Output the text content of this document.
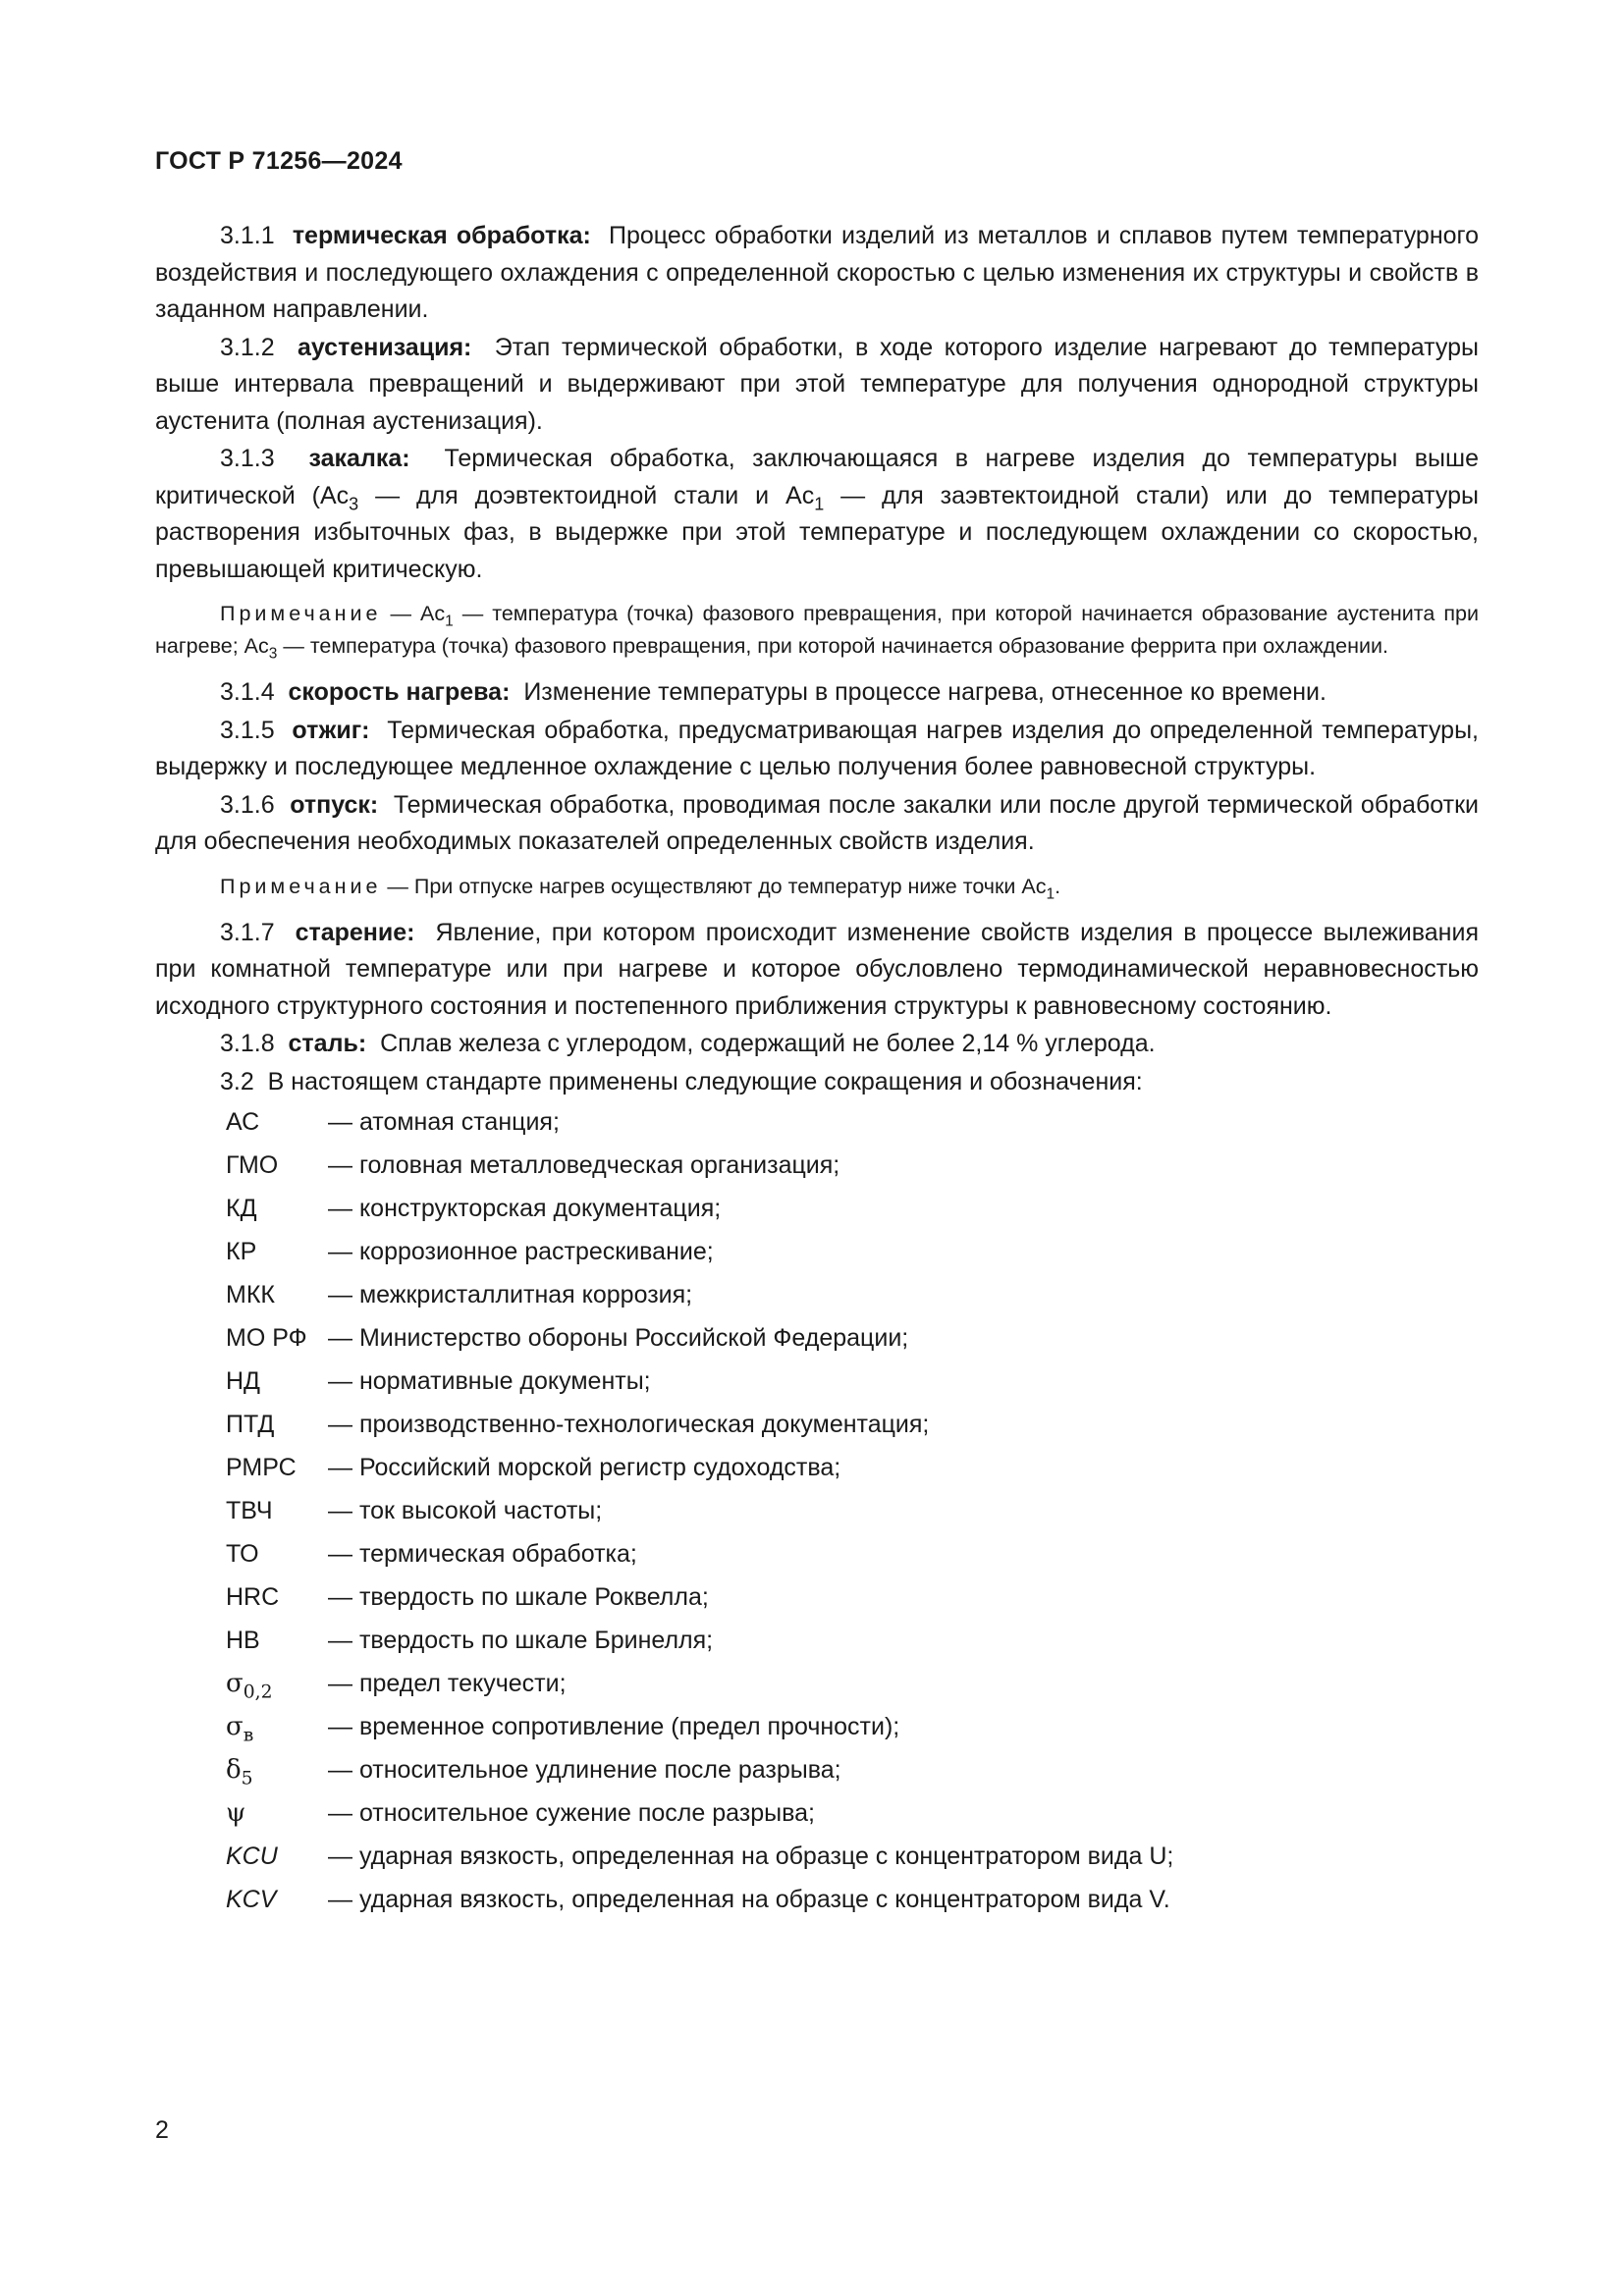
ГОСТ Р 71256—2024

3.1.1 термическая обработка: Процесс обработки изделий из металлов и сплавов путем температурного воздействия и последующего охлаждения с определенной скоростью с целью изменения их структуры и свойств в заданном направлении.

3.1.2 аустенизация: Этап термической обработки, в ходе которого изделие нагревают до температуры выше интервала превращений и выдерживают при этой температуре для получения однородной структуры аустенита (полная аустенизация).

3.1.3 закалка: Термическая обработка, заключающаяся в нагреве изделия до температуры выше критической ($Ac_3$ — для доэвтектоидной стали и $Ac_1$ — для заэвтектоидной стали) или до температуры растворения избыточных фаз, в выдержке при этой температуре и последующем охлаждении со скоростью, превышающей критическую.

Примечание — $Ac_1$ — температура (точка) фазового превращения, при которой начинается образование аустенита при нагреве; $Ac_3$ — температура (точка) фазового превращения, при которой начинается образование феррита при охлаждении.

3.1.4 скорость нагрева: Изменение температуры в процессе нагрева, отнесенное ко времени.

3.1.5 отжиг: Термическая обработка, предусматривающая нагрев изделия до определенной температуры, выдержку и последующее медленное охлаждение с целью получения более равновесной структуры.

3.1.6 отпуск: Термическая обработка, проводимая после закалки или после другой термической обработки для обеспечения необходимых показателей определенных свойств изделия.

Примечание — При отпуске нагрев осуществляют до температур ниже точки $Ac_1$.

3.1.7 старение: Явление, при котором происходит изменение свойств изделия в процессе вылеживания при комнатной температуре или при нагреве и которое обусловлено термодинамической неравновесностью исходного структурного состояния и постепенного приближения структуры к равновесному состоянию.

3.1.8 сталь: Сплав железа с углеродом, содержащий не более 2,14 % углерода.

3.2 В настоящем стандарте применены следующие сокращения и обозначения:

АС	— атомная станция;
ГМО	— головная металловедческая организация;
КД	— конструкторская документация;
КР	— коррозионное растрескивание;
МКК	— межкристаллитная коррозия;
МО РФ — Министерство обороны Российской Федерации;
НД	— нормативные документы;
ПТД	— производственно-технологическая документация;
РМРС	— Российский морской регистр судоходства;
ТВЧ	— ток высокой частоты;
ТО	— термическая обработка;
HRC	— твердость по шкале Роквелла;
НВ	— твердость по шкале Бринелля;
$\sigma_{0,2}$	— предел текучести;
$\sigma_в$	— временное сопротивление (предел прочности);
$\delta_5$	— относительное удлинение после разрыва;
ψ	— относительное сужение после разрыва;
KCU	— ударная вязкость, определенная на образце с концентратором вида U;
KCV	— ударная вязкость, определенная на образце с концентратором вида V.
2
